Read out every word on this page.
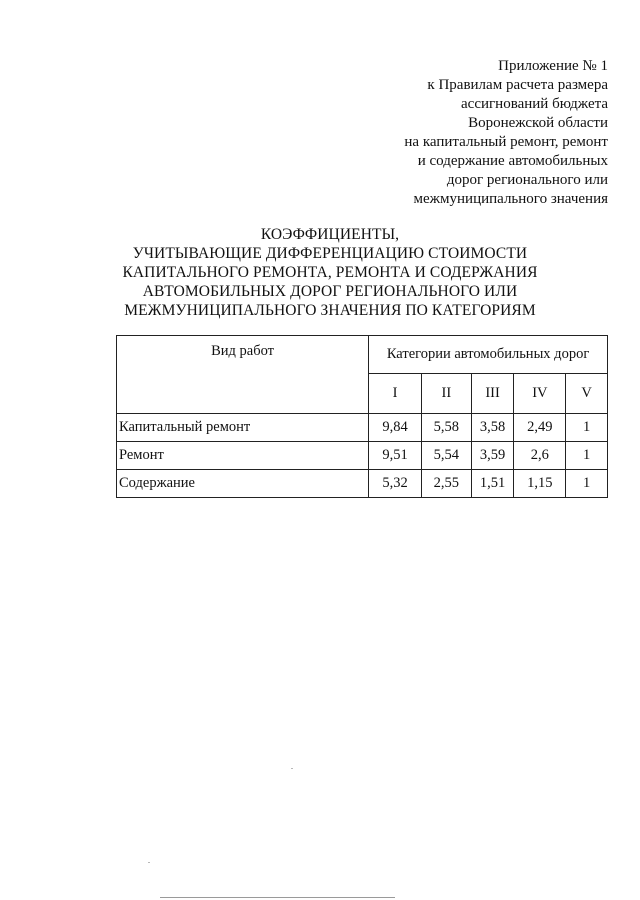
Приложение № 1
к Правилам расчета размера
ассигнований бюджета
Воронежской области
на капитальный ремонт, ремонт
и содержание автомобильных
дорог регионального или
межмуниципального значения
КОЭФФИЦИЕНТЫ,
УЧИТЫВАЮЩИЕ ДИФФЕРЕНЦИАЦИЮ СТОИМОСТИ
КАПИТАЛЬНОГО РЕМОНТА, РЕМОНТА И СОДЕРЖАНИЯ
АВТОМОБИЛЬНЫХ ДОРОГ РЕГИОНАЛЬНОГО ИЛИ
МЕЖМУНИЦИПАЛЬНОГО ЗНАЧЕНИЯ ПО КАТЕГОРИЯМ
Вид работ	Категории автомобильных дорог				
	I	II	III	IV	V
Капитальный ремонт	9,84	5,58	3,58	2,49	1
Ремонт	9,51	5,54	3,59	2,6	1
Содержание	5,32	2,55	1,51	1,15	1
